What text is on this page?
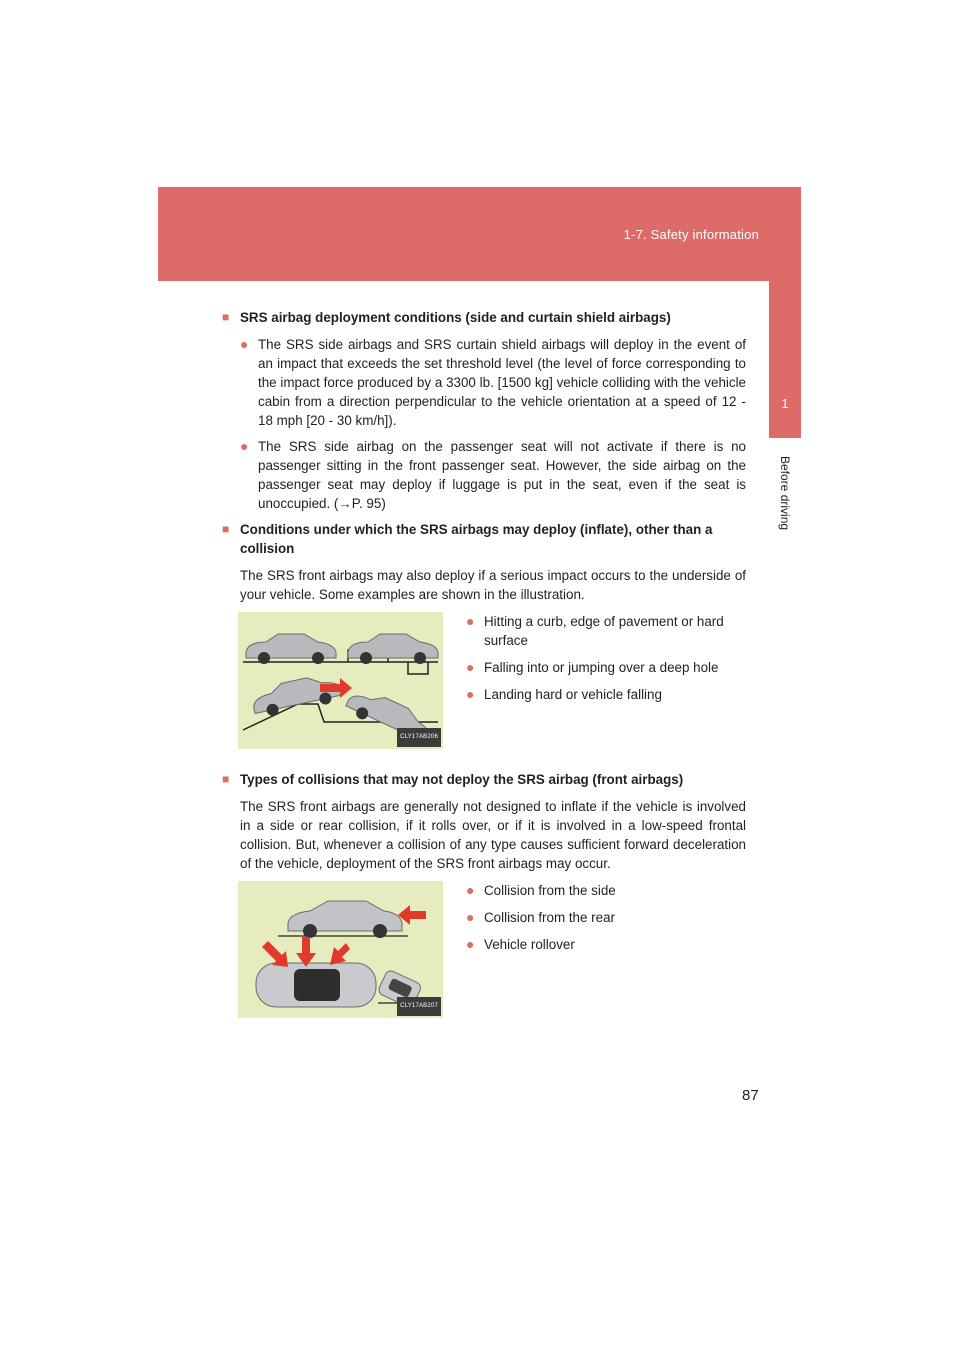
1-7. Safety information
1
Before driving
■
SRS airbag deployment conditions (side and curtain shield airbags)
● The SRS side airbags and SRS curtain shield airbags will deploy in the event of an impact that exceeds the set threshold level (the level of force corresponding to the impact force produced by a 3300 lb. [1500 kg] vehicle colliding with the vehicle cabin from a direction perpendicular to the vehicle orientation at a speed of 12 - 18 mph [20 - 30 km/h]).
● The SRS side airbag on the passenger seat will not activate if there is no passenger sitting in the front passenger seat. However, the side airbag on the passenger seat may deploy if luggage is put in the seat, even if the seat is unoccupied. (→P. 95)
■
Conditions under which the SRS airbags may deploy (inflate), other than a collision
The SRS front airbags may also deploy if a serious impact occurs to the underside of your vehicle. Some examples are shown in the illustration.
CLY17AB206
● Hitting a curb, edge of pavement or hard surface
● Falling into or jumping over a deep hole
● Landing hard or vehicle falling
■
Types of collisions that may not deploy the SRS airbag (front airbags)
The SRS front airbags are generally not designed to inflate if the vehicle is involved in a side or rear collision, if it rolls over, or if it is involved in a low-speed frontal collision. But, whenever a collision of any type causes sufficient forward deceleration of the vehicle, deployment of the SRS front airbags may occur.
CLY17AB207
● Collision from the side
● Collision from the rear
● Vehicle rollover
87
